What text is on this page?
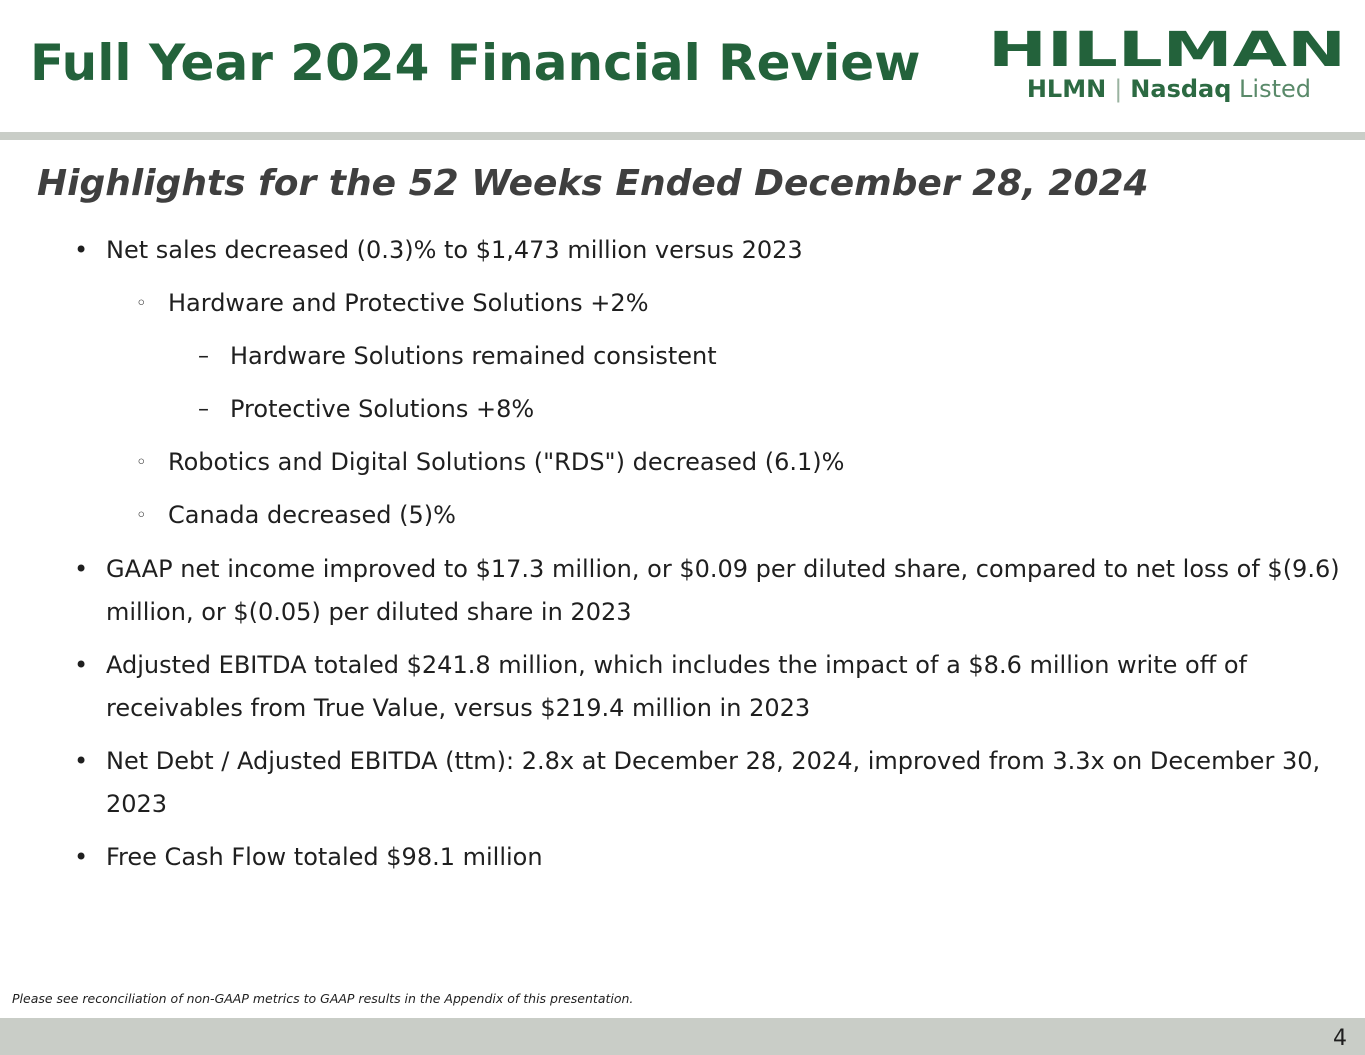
Full Year 2024 Financial Review HILLMAN
HLMN | Nasdaq Listed
Highlights for the 52 Weeks Ended December 28, 2024
• Net sales decreased (0.3)% to $1,473 million versus 2023
◦ Hardware and Protective Solutions +2%
– Hardware Solutions remained consistent
– Protective Solutions +8%
◦ Robotics and Digital Solutions ("RDS") decreased (6.1)%
◦ Canada decreased (5)%
• GAAP net income improved to $17.3 million, or $0.09 per diluted share, compared to net loss of $(9.6) million, or $(0.05) per diluted share in 2023
• Adjusted EBITDA totaled $241.8 million, which includes the impact of a $8.6 million write off of receivables from True Value, versus $219.4 million in 2023
• Net Debt / Adjusted EBITDA (ttm): 2.8x at December 28, 2024, improved from 3.3x on December 30, 2023
• Free Cash Flow totaled $98.1 million
Please see reconciliation of non-GAAP metrics to GAAP results in the Appendix of this presentation.
4
